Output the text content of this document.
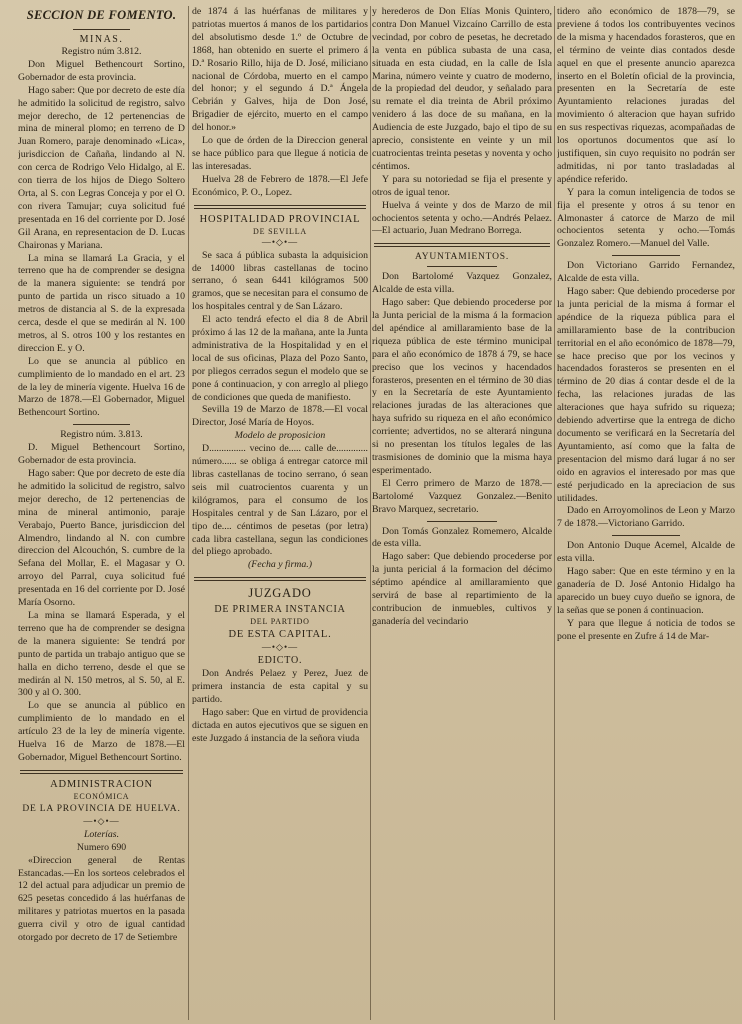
SECCION DE FOMENTO.
MINAS.

Registro núm 3.812.

Don Miguel Bethencourt Sortino, Gobernador de esta provincia.

Hago saber: Que por decreto de este día he admitido la solicitud de registro, salvo mejor derecho, de 12 pertenencias de mina de mineral plomo; en terreno de D Juan Romero, paraje denominado «Lica», jurisdiccion de Cañaña, lindando al N. con cerca de Rodrigo Velo Hidalgo, al E. con tierra de los hijos de Diego Soltero Orta, al S. con Legras Conceja y por el O. con rivera Tamujar; cuya solicitud fué presentada en 16 del corriente por D. José Gil Arana, en representacion de D. Lucas Chaironas y Mariana.

La mina se llamará La Gracia, y el terreno que ha de comprender se designa de la manera siguiente: se tendrá por punto de partida un risco situado a 10 metros de distancia al S. de la expresada cerca, desde el que se medirán al N. 100 metros, al S. otros 100 y los restantes en direccion E. y O.

Lo que se anuncia al público en cumplimiento de lo mandado en el art. 23 de la ley de minería vigente. Huelva 16 de Marzo de 1878.—El Gobernador, Miguel Bethencourt Sortino.

Registro núm. 3.813.

D. Miguel Bethencourt Sortino, Gobernador de esta provincia.

Hago saber: Que por decreto de este día he admitido la solicitud de registro, salvo mejor derecho, de 12 pertenencias de mina de mineral antimonio, paraje Verabajo, Puerto Bance, jurisdiccion del Almendro, lindando al N. con cumbre direccion del Alcouchón, S. cumbre de la Sefana del Mollar, E. el Magasar y O. arroyo del Parral, cuya solicitud fué presentada en 16 del corriente por D. José María Osorno.

La mina se llamará Esperada, y el terreno que ha de comprender se designa de la manera siguiente: Se tendrá por punto de partida un trabajo antiguo que se halla en dicho terreno, desde el que se medirán al N. 150 metros, al S. 50, al E. 300 y al O. 300.

Lo que se anuncia al público en cumplimiento de lo mandado en el artículo 23 de la ley de minería vigente. Huelva 16 de Marzo de 1878.—El Gobernador, Miguel Bethencourt Sortino.

ADMINISTRACION
ECONÓMICA
DE LA PROVINCIA DE HUELVA.
—•◇•—

Loterías.

Numero 690

«Direccion general de Rentas Estancadas.—En los sorteos celebrados el 12 del actual para adjudicar un premio de 625 pesetas concedido á las huérfanas de militares y patriotas muertos en la pasada guerra civil y otro de igual cantidad otorgado por decreto de 17 de Setiembre

de 1874 á las huérfanas de militares y patriotas muertos á manos de los partidarios del absolutismo desde 1.º de Octubre de 1868, han obtenido en suerte el primero á D.ª Rosario Rillo, hija de D. José, miliciano nacional de Córdoba, muerto en el campo del honor; y el segundo á D.ª Ángela Cebrián y Galves, hija de Don José, Brigadier de ejército, muerto en el campo del honor.»

Lo que de órden de la Direccion general se hace público para que llegue á noticia de las interesadas.

Huelva 28 de Febrero de 1878.—El Jefe Económico, P. O., Lopez.

HOSPITALIDAD PROVINCIAL
DE SEVILLA
—•◇•—

Se saca á pública subasta la adquisicion de 14000 libras castellanas de tocino serrano, ó sean 6441 kilógramos 500 gramos, que se necesitan para el consumo de los hospitales central y de San Lázaro.

El acto tendrá efecto el dia 8 de Abril próximo á las 12 de la mañana, ante la Junta administrativa de la Hospitalidad y en el local de sus oficinas, Plaza del Pozo Santo, por pliegos cerrados segun el modelo que se pone á continuacion, y con arreglo al pliego de condiciones que queda de manifiesto.

Sevilla 19 de Marzo de 1878.—El vocal Director, José María de Hoyos.

Modelo de proposicion

D............... vecino de..... calle de............. número...... se obliga á entregar catorce mil libras castellanas de tocino serrano, ó sean seis mil cuatrocientos cuarenta y un kilógramos, para el consumo de los Hospitales central y de San Lázaro, por el tipo de.... céntimos de pesetas (por letra) cada libra castellana, segun las condiciones del pliego aprobado.

(Fecha y firma.)

JUZGADO
DE PRIMERA INSTANCIA
DEL PARTIDO
DE ESTA CAPITAL.
—•◇•—
EDICTO.

Don Andrés Pelaez y Perez, Juez de primera instancia de esta capital y su partido.

Hago saber: Que en virtud de providencia dictada en autos ejecutivos que se siguen en este Juzgado á instancia de la señora viuda

y herederos de Don Elías Monis Quintero, contra Don Manuel Vizcaíno Carrillo de esta vecindad, por cobro de pesetas, he decretado la venta en pública subasta de una casa, situada en esta ciudad, en la calle de Isla Marina, número veinte y cuatro de moderno, de la propiedad del deudor, y señalado para su remate el dia treinta de Abril próximo venidero á las doce de su mañana, en la Audiencia de este Juzgado, bajo el tipo de su aprecio, consistente en veinte y un mil cuatrocientas treinta pesetas y noventa y ocho céntimos.

Y para su notoriedad se fija el presente y otros de igual tenor.

Huelva á veinte y dos de Marzo de mil ochocientos setenta y ocho.—Andrés Pelaez.—El actuario, Juan Medrano Borrega.

AYUNTAMIENTOS.

Don Bartolomé Vazquez Gonzalez, Alcalde de esta villa.

Hago saber: Que debiendo procederse por la Junta pericial de la misma á la formacion del apéndice al amillaramiento base de la riqueza pública de este término municipal para el año económico de 1878 á 79, se hace preciso que los vecinos y hacendados forasteros, presenten en el término de 30 dias y en la Secretaría de este Ayuntamiento relaciones juradas de las alteraciones que haya sufrido su riqueza en el año económico corriente; advertidos, no se alterará ninguna si no presentan los títulos legales de las trasmisiones de dominio que la misma haya esperimentado.

El Cerro primero de Marzo de 1878.—Bartolomé Vazquez Gonzalez.—Benito Bravo Marquez, secretario.

Don Tomás Gonzalez Romemero, Alcalde de esta villa.

Hago saber: Que debiendo procederse por la junta pericial á la formacion del décimo séptimo apéndice al amillaramiento que servirá de base al repartimiento de la contribucion de inmuebles, cultivos y ganadería del vecindario

tidero año económico de 1878—79, se previene á todos los contribuyentes vecinos de la misma y hacendados forasteros, que en el término de veinte dias contados desde aquel en que el presente anuncio aparezca inserto en el Boletín oficial de la provincia, presenten en la Secretaría de este Ayuntamiento relaciones juradas del movimiento ó alteracion que hayan sufrido en sus respectivas riquezas, acompañadas de los oportunos documentos que así lo justifiquen, sin cuyo requisito no podrán ser admitidas, ni por tanto trasladadas al apéndice referido.

Y para la comun inteligencia de todos se fija el presente y otros á su tenor en Almonaster á catorce de Marzo de mil ochocientos setenta y ocho.—Tomás Gonzalez Romero.—Manuel del Valle.

Don Victoriano Garrido Fernandez, Alcalde de esta villa.

Hago saber: Que debiendo procederse por la junta pericial de la misma á formar el apéndice de la riqueza pública para el amillaramiento base de la contribucion territorial en el año económico de 1878—79, se hace preciso que por los vecinos y hacendados forasteros se presenten en el término de 20 dias á contar desde el de la fecha, las relaciones juradas de las alteraciones que haya sufrido su riqueza; debiendo advertirse que la entrega de dicho documento se verificará en la Secretaría del Ayuntamiento, así como que la falta de presentacion del mismo dará lugar á no ser oido en agravios el interesado por mas que esté perjudicado en la apreciacion de sus utilidades.

Dado en Arroyomolinos de Leon y Marzo 7 de 1878.—Victoriano Garrido.

Don Antonio Duque Acemel, Alcalde de esta villa.

Hago saber: Que en este término y en la ganadería de D. José Antonio Hidalgo ha aparecido un buey cuyo dueño se ignora, de la señas que se ponen á continuacion.

Y para que llegue á noticia de todos se pone el presente en Zufre á 14 de Mar-
